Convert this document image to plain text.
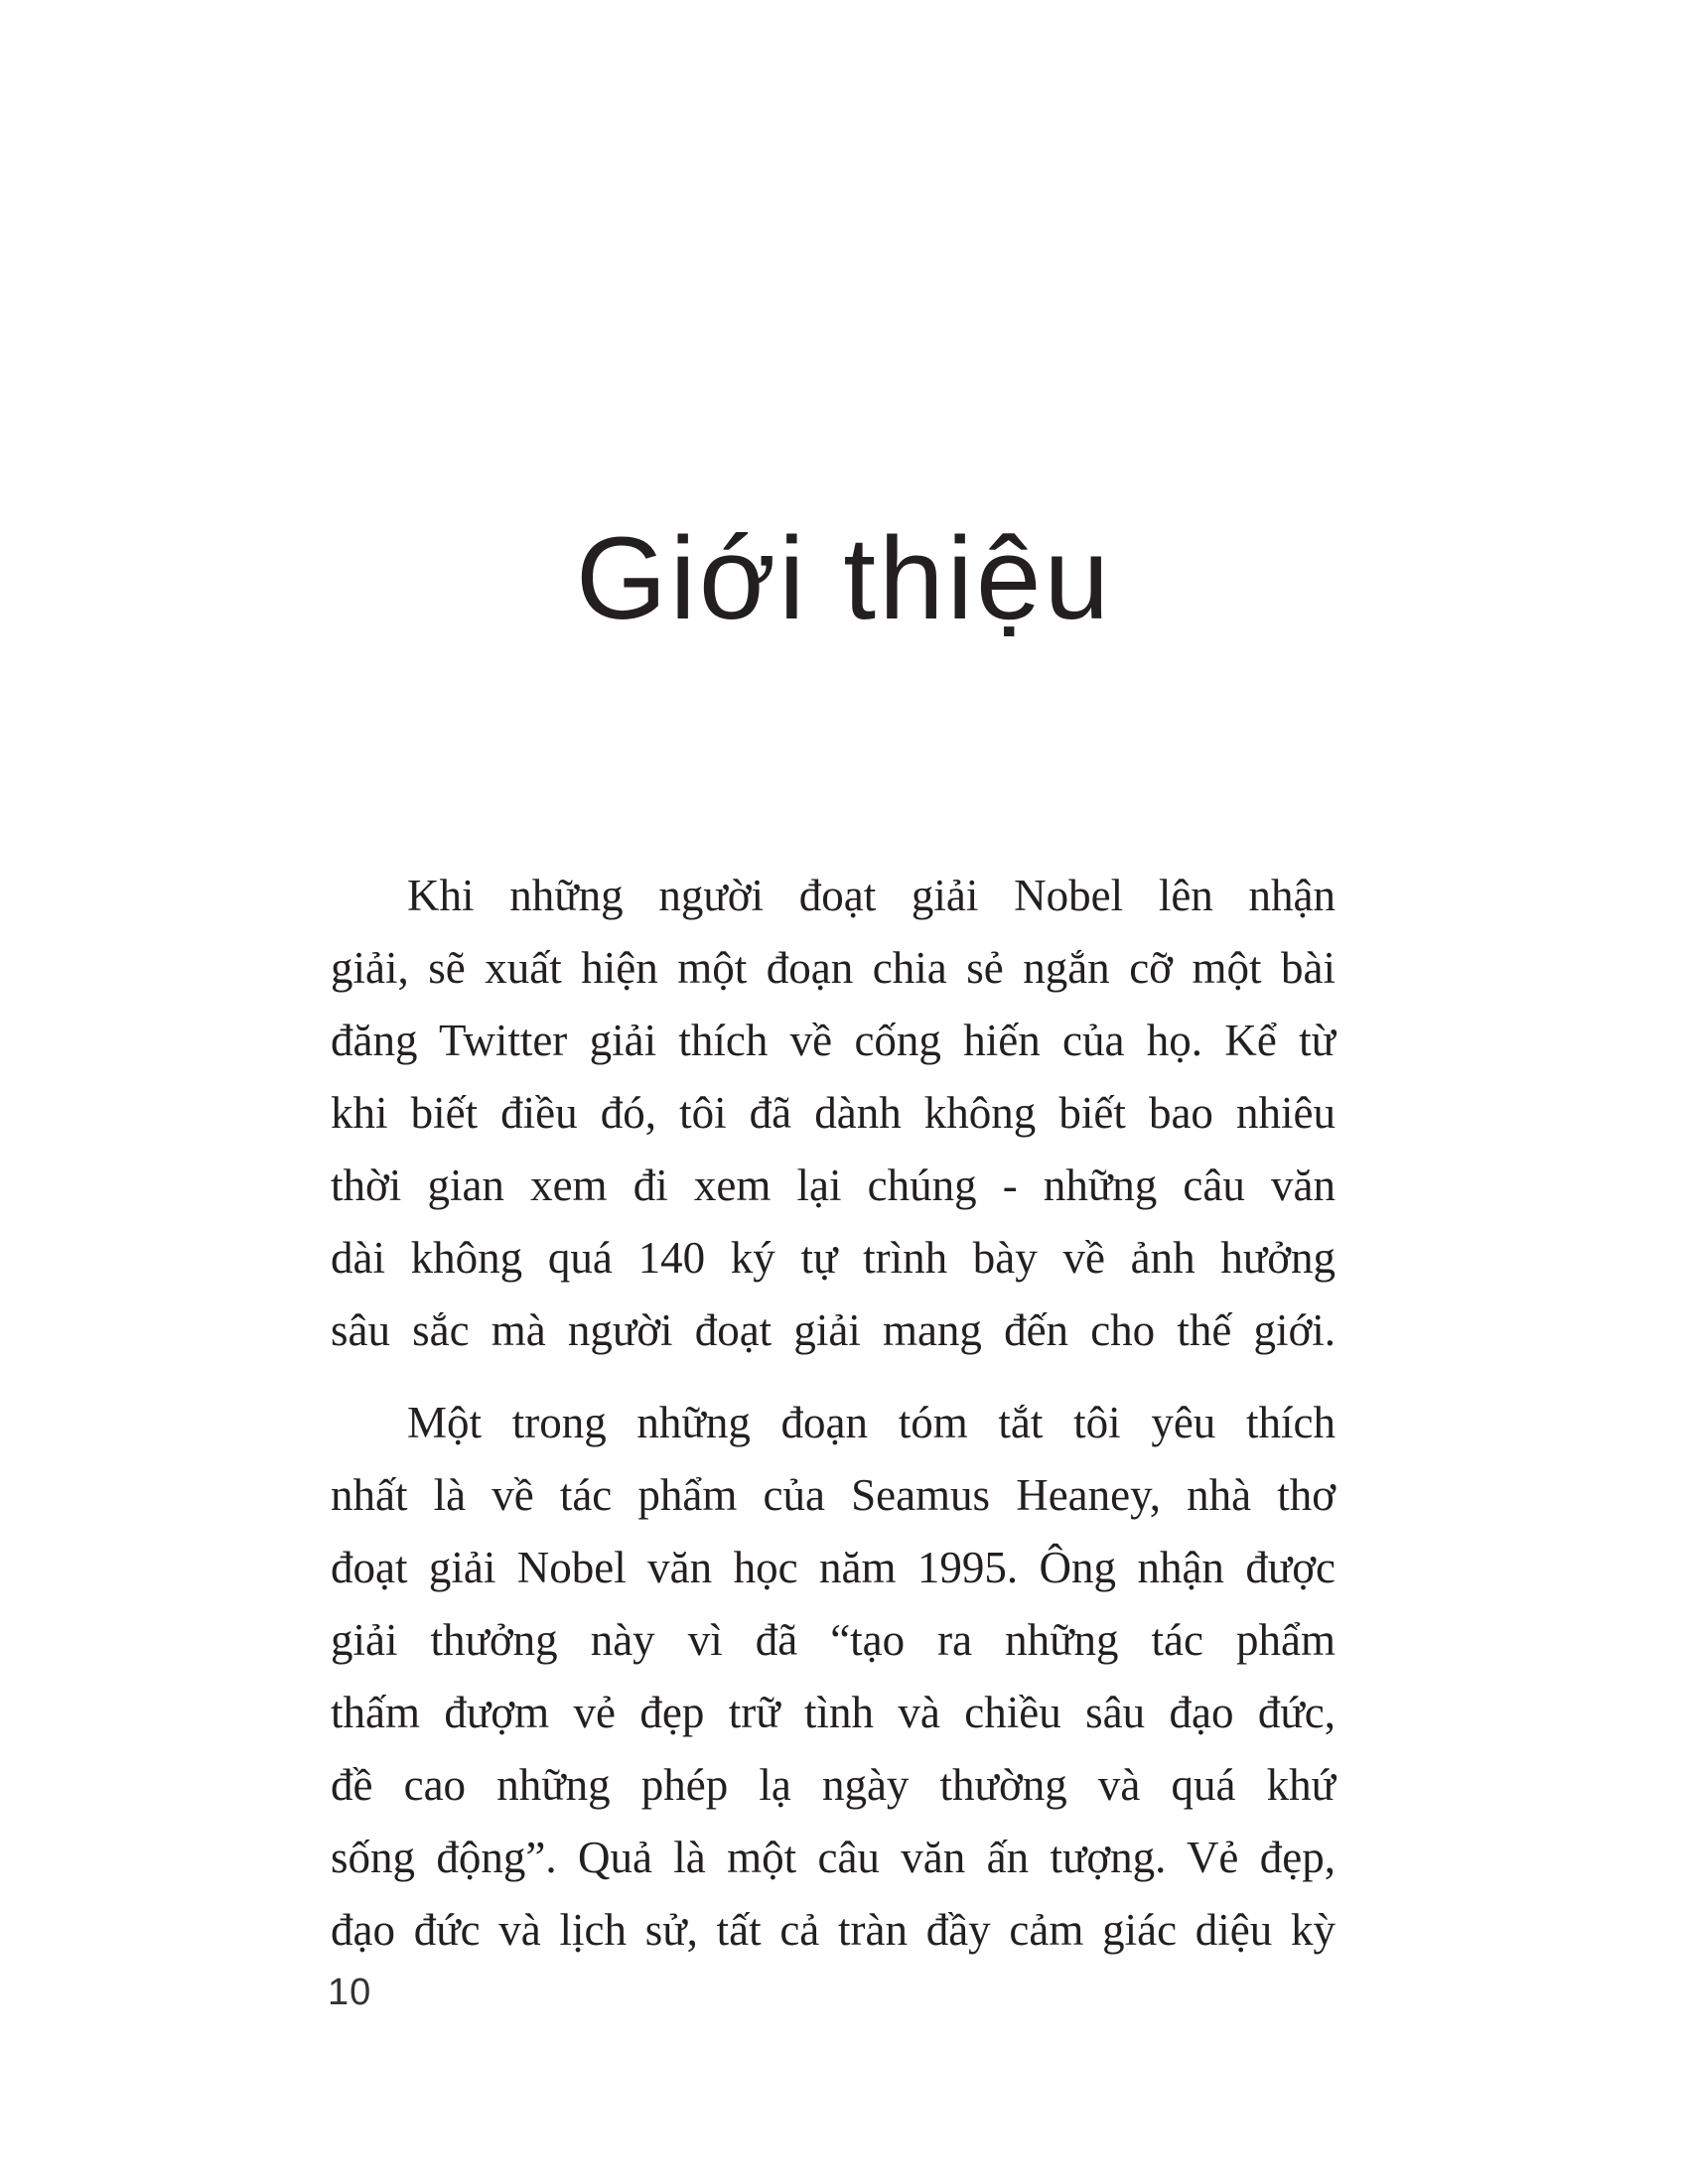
Giới thiệu
Khi những người đoạt giải Nobel lên nhận
giải, sẽ xuất hiện một đoạn chia sẻ ngắn cỡ một bài
đăng Twitter giải thích về cống hiến của họ. Kể từ
khi biết điều đó, tôi đã dành không biết bao nhiêu
thời gian xem đi xem lại chúng - những câu văn
dài không quá 140 ký tự trình bày về ảnh hưởng
sâu sắc mà người đoạt giải mang đến cho thế giới.
Một trong những đoạn tóm tắt tôi yêu thích
nhất là về tác phẩm của Seamus Heaney, nhà thơ
đoạt giải Nobel văn học năm 1995. Ông nhận được
giải thưởng này vì đã “tạo ra những tác phẩm
thấm đượm vẻ đẹp trữ tình và chiều sâu đạo đức,
đề cao những phép lạ ngày thường và quá khứ
sống động”. Quả là một câu văn ấn tượng. Vẻ đẹp,
đạo đức và lịch sử, tất cả tràn đầy cảm giác diệu kỳ
10
